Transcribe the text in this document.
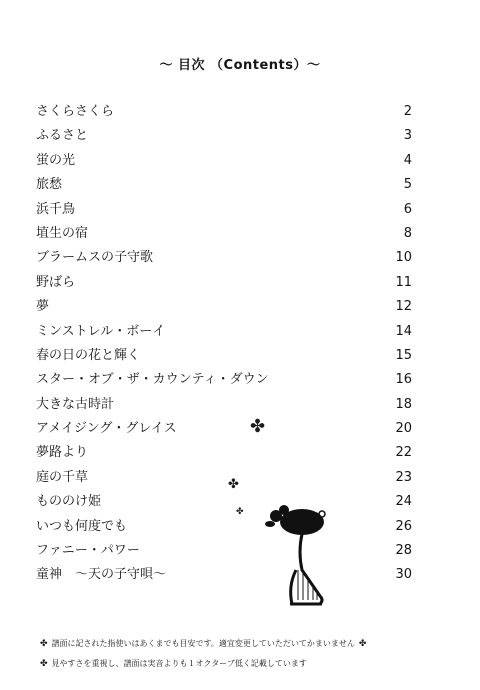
～ 目次 （Contents）～
さくらさくら	2
ふるさと	3
蛍の光	4
旅愁	5
浜千鳥	6
埴生の宿	8
ブラームスの子守歌	10
野ばら	11
夢	12
ミンストレル・ボーイ	14
春の日の花と輝く	15
スター・オブ・ザ・カウンティ・ダウン	16
大きな古時計	18
アメイジング・グレイス	20
夢路より	22
庭の千草	23
もののけ姫	24
いつも何度でも	26
ファニー・パワー	28
童神　～天の子守唄～	30
✤
✤
✤
✤ 譜面に記された指使いはあくまでも目安です。適宜変更していただいてかまいません ✤
✤ 見やすさを重視し、譜面は実音よりも１オクターブ低く記載しています
